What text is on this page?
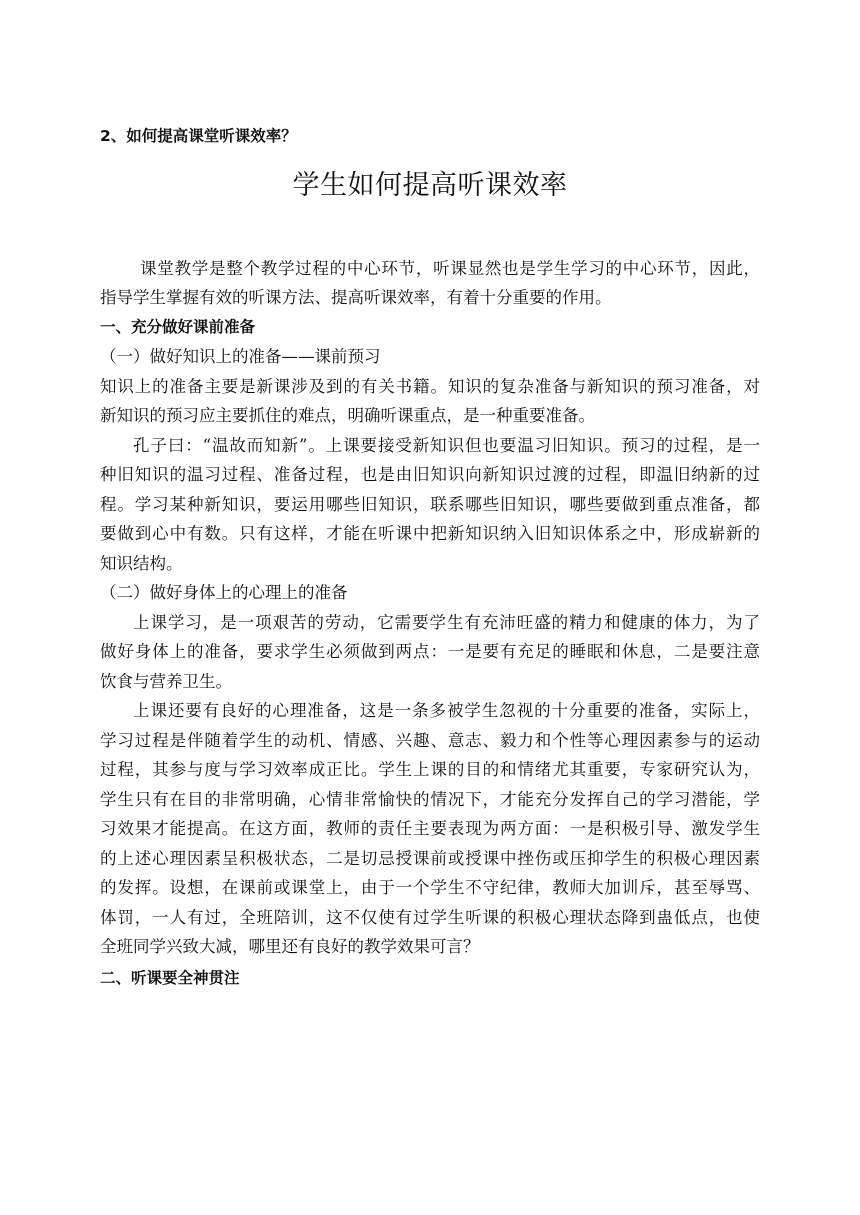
2、如何提高课堂听课效率？
学生如何提高听课效率
课堂教学是整个教学过程的中心环节，听课显然也是学生学习的中心环节，因此，
指导学生掌握有效的听课方法、提高听课效率，有着十分重要的作用。
一、充分做好课前准备
（一）做好知识上的准备——课前预习
知识上的准备主要是新课涉及到的有关书籍。知识的复杂准备与新知识的预习准备，对
新知识的预习应主要抓住的难点，明确听课重点，是一种重要准备。
孔子曰：“温故而知新”。上课要接受新知识但也要温习旧知识。预习的过程，是一
种旧知识的温习过程、准备过程，也是由旧知识向新知识过渡的过程，即温旧纳新的过
程。学习某种新知识，要运用哪些旧知识，联系哪些旧知识，哪些要做到重点准备，都
要做到心中有数。只有这样，才能在听课中把新知识纳入旧知识体系之中，形成崭新的
知识结构。
（二）做好身体上的心理上的准备
上课学习，是一项艰苦的劳动，它需要学生有充沛旺盛的精力和健康的体力，为了
做好身体上的准备，要求学生必须做到两点：一是要有充足的睡眠和休息，二是要注意
饮食与营养卫生。
上课还要有良好的心理准备，这是一条多被学生忽视的十分重要的准备，实际上，
学习过程是伴随着学生的动机、情感、兴趣、意志、毅力和个性等心理因素参与的运动
过程，其参与度与学习效率成正比。学生上课的目的和情绪尤其重要，专家研究认为，
学生只有在目的非常明确，心情非常愉快的情况下，才能充分发挥自己的学习潜能，学
习效果才能提高。在这方面，教师的责任主要表现为两方面：一是积极引导、激发学生
的上述心理因素呈积极状态，二是切忌授课前或授课中挫伤或压抑学生的积极心理因素
的发挥。设想，在课前或课堂上，由于一个学生不守纪律，教师大加训斥，甚至辱骂、
体罚，一人有过，全班陪训，这不仅使有过学生听课的积极心理状态降到蛊低点，也使
全班同学兴致大减，哪里还有良好的教学效果可言？
二、听课要全神贯注
